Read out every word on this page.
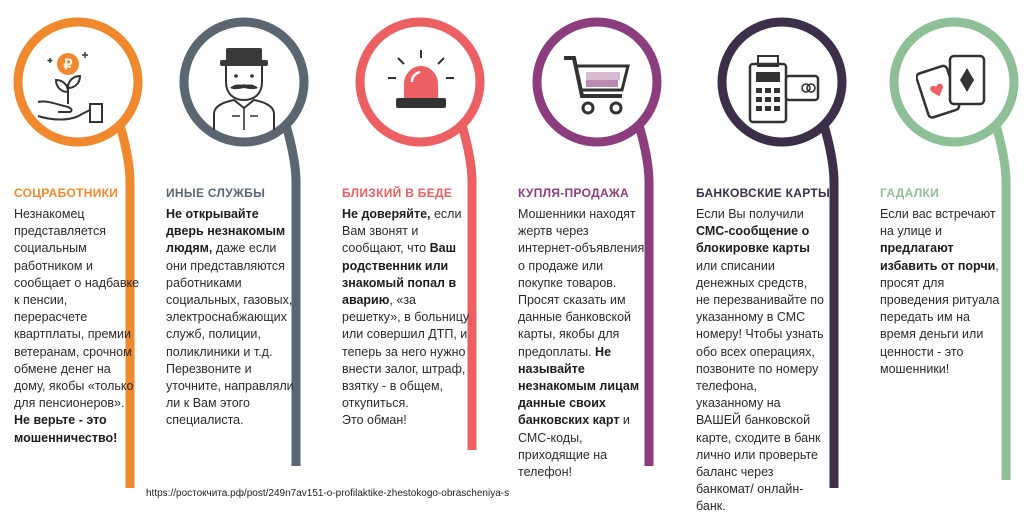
СОЦРАБОТНИКИ
Незнакомец представляется социальным работником и сообщает о надбавке к пенсии, перерасчете квартплаты, премии ветеранам, срочном обмене денег на дому, якобы «только для пенсионеров». Не верьте - это мошенничество!
ИНЫЕ СЛУЖБЫ
Не открывайте дверь незнакомым людям, даже если они представляются работниками социальных, газовых, электроснабжающих служб, полиции, поликлиники и т.д.
Перезвоните и уточните, направляли ли к Вам этого специалиста.
БЛИЗКИЙ В БЕДЕ
Не доверяйте, если Вам звонят и сообщают, что Ваш родственник или знакомый попал в аварию, «за решетку», в больницу или совершил ДТП, и теперь за него нужно внести залог, штраф, взятку - в общем, откупиться.
Это обман!
КУПЛЯ-ПРОДАЖА
Мошенники находят жертв через интернет-объявления о продаже или покупке товаров. Просят сказать им данные банковской карты, якобы для предоплаты. Не называйте незнакомым лицам данные своих банковских карт и СМС-коды, приходящие на телефон!
БАНКОВСКИЕ КАРТЫ
Если Вы получили СМС-сообщение о блокировке карты или списании денежных средств, не перезванивайте по указанному в СМС номеру! Чтобы узнать обо всех операциях, позвоните по номеру телефона, указанному на ВАШЕЙ банковской карте, сходите в банк лично или проверьте баланс через банкомат/ онлайн-банк.
ГАДАЛКИ
Если вас встречают на улице и предлагают избавить от порчи, просят для проведения ритуала передать им на время деньги или ценности - это мошенники!
₽
https://ростокчита.рф/post/249n7av151-o-profilaktike-zhestokogo-obrascheniya-s
